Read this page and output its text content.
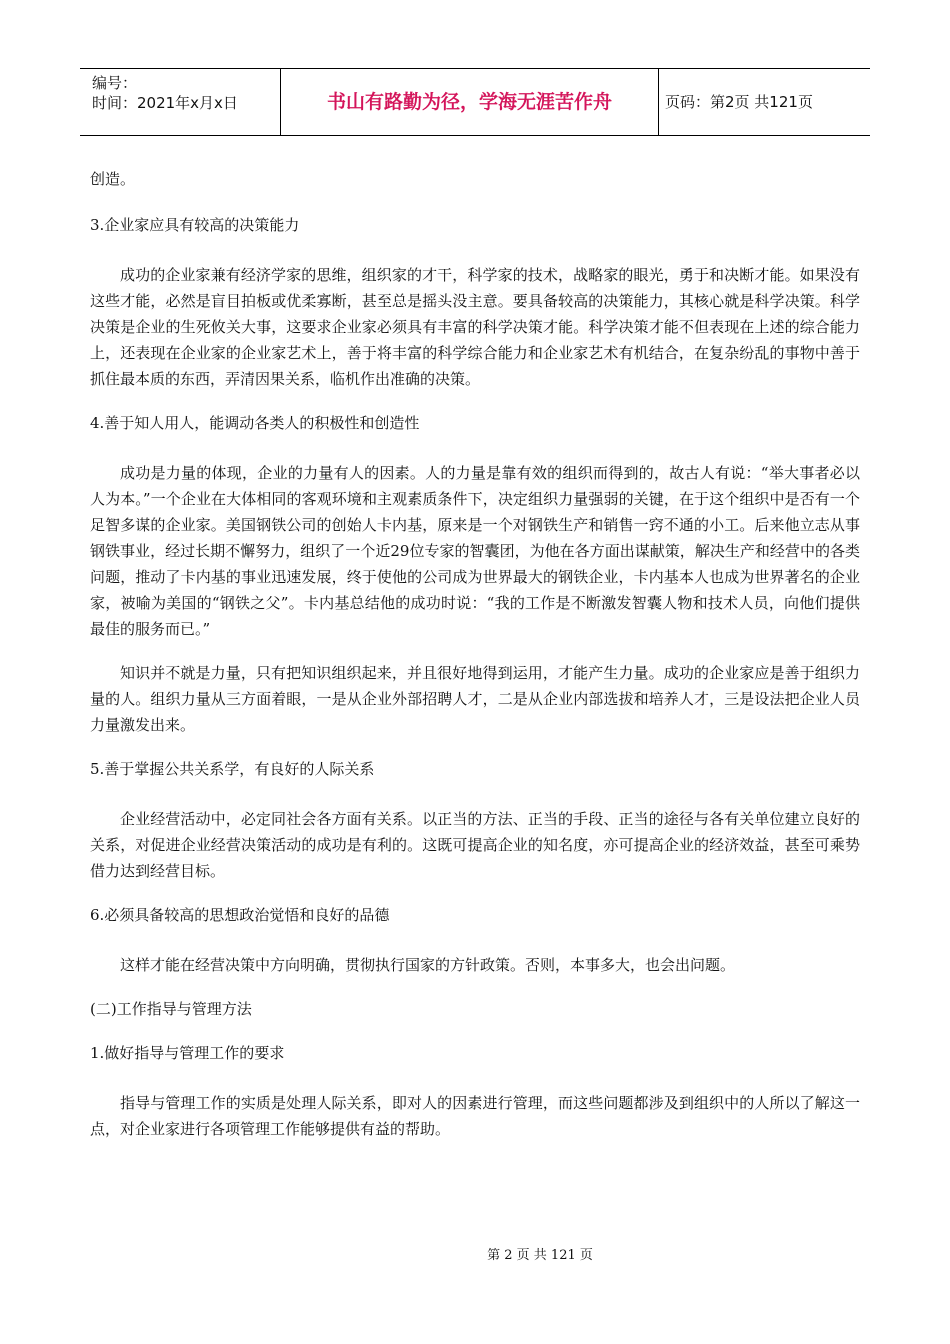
编号：
时间：2021年x月x日	书山有路勤为径，学海无涯苦作舟	页码：第2页 共121页

创造。

3.企业家应具有较高的决策能力

成功的企业家兼有经济学家的思维，组织家的才干，科学家的技术，战略家的眼光，勇于和决断才能。如果没有这些才能，必然是盲目拍板或优柔寡断，甚至总是摇头没主意。要具备较高的决策能力，其核心就是科学决策。科学决策是企业的生死攸关大事，这要求企业家必须具有丰富的科学决策才能。科学决策才能不但表现在上述的综合能力上，还表现在企业家的企业家艺术上，善于将丰富的科学综合能力和企业家艺术有机结合，在复杂纷乱的事物中善于抓住最本质的东西，弄清因果关系，临机作出准确的决策。

4.善于知人用人，能调动各类人的积极性和创造性

成功是力量的体现，企业的力量有人的因素。人的力量是靠有效的组织而得到的，故古人有说：“举大事者必以人为本。”一个企业在大体相同的客观环境和主观素质条件下，决定组织力量强弱的关键，在于这个组织中是否有一个足智多谋的企业家。美国钢铁公司的创始人卡内基，原来是一个对钢铁生产和销售一窍不通的小工。后来他立志从事钢铁事业，经过长期不懈努力，组织了一个近29位专家的智囊团，为他在各方面出谋献策，解决生产和经营中的各类问题，推动了卡内基的事业迅速发展，终于使他的公司成为世界最大的钢铁企业，卡内基本人也成为世界著名的企业家，被喻为美国的“钢铁之父”。卡内基总结他的成功时说：“我的工作是不断激发智囊人物和技术人员，向他们提供最佳的服务而已。”

知识并不就是力量，只有把知识组织起来，并且很好地得到运用，才能产生力量。成功的企业家应是善于组织力量的人。组织力量从三方面着眼，一是从企业外部招聘人才，二是从企业内部选拔和培养人才，三是设法把企业人员力量激发出来。

5.善于掌握公共关系学，有良好的人际关系

企业经营活动中，必定同社会各方面有关系。以正当的方法、正当的手段、正当的途径与各有关单位建立良好的关系，对促进企业经营决策活动的成功是有利的。这既可提高企业的知名度，亦可提高企业的经济效益，甚至可乘势借力达到经营目标。

6.必须具备较高的思想政治觉悟和良好的品德

这样才能在经营决策中方向明确，贯彻执行国家的方针政策。否则，本事多大，也会出问题。

(二)工作指导与管理方法

1.做好指导与管理工作的要求

指导与管理工作的实质是处理人际关系，即对人的因素进行管理，而这些问题都涉及到组织中的人所以了解这一点，对企业家进行各项管理工作能够提供有益的帮助。

第 2 页 共 121 页
